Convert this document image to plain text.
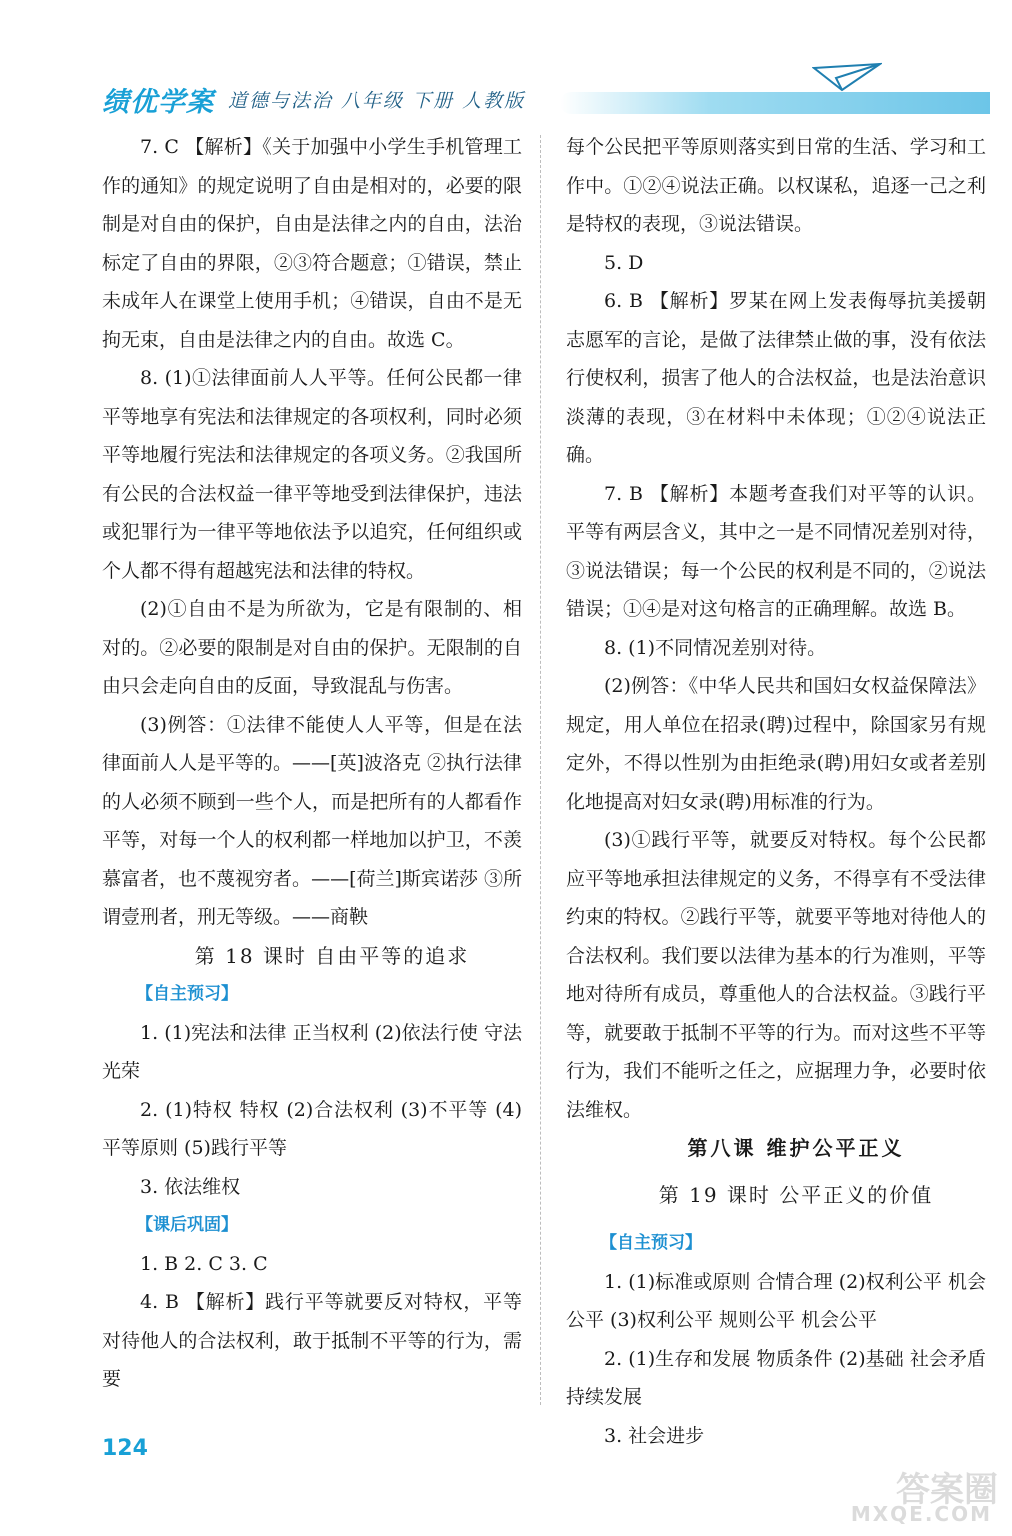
绩优学案 道德与法治 八年级 下册 人教版

7. C 【解析】《关于加强中小学生手机管理工作的通知》的规定说明了自由是相对的，必要的限制是对自由的保护，自由是法律之内的自由，法治标定了自由的界限，②③符合题意；①错误，禁止未成年人在课堂上使用手机；④错误，自由不是无拘无束，自由是法律之内的自由。故选 C。

8. (1)①法律面前人人平等。任何公民都一律平等地享有宪法和法律规定的各项权利，同时必须平等地履行宪法和法律规定的各项义务。②我国所有公民的合法权益一律平等地受到法律保护，违法或犯罪行为一律平等地依法予以追究，任何组织或个人都不得有超越宪法和法律的特权。

(2)①自由不是为所欲为，它是有限制的、相对的。②必要的限制是对自由的保护。无限制的自由只会走向自由的反面，导致混乱与伤害。

(3)例答：①法律不能使人人平等，但是在法律面前人人是平等的。——[英]波洛克 ②执行法律的人必须不顾到一些个人，而是把所有的人都看作平等，对每一个人的权利都一样地加以护卫，不羡慕富者，也不蔑视穷者。——[荷兰]斯宾诺莎 ③所谓壹刑者，刑无等级。——商鞅

第 18 课时 自由平等的追求

【自主预习】

1. (1)宪法和法律 正当权利 (2)依法行使 守法光荣

2. (1)特权 特权 (2)合法权利 (3)不平等 (4)平等原则 (5)践行平等

3. 依法维权

【课后巩固】

1. B 2. C 3. C

4. B 【解析】践行平等就要反对特权，平等对待他人的合法权利，敢于抵制不平等的行为，需要

每个公民把平等原则落实到日常的生活、学习和工作中。①②④说法正确。以权谋私，追逐一己之利是特权的表现，③说法错误。

5. D

6. B 【解析】罗某在网上发表侮辱抗美援朝志愿军的言论，是做了法律禁止做的事，没有依法行使权利，损害了他人的合法权益，也是法治意识淡薄的表现，③在材料中未体现；①②④说法正确。

7. B 【解析】本题考查我们对平等的认识。平等有两层含义，其中之一是不同情况差别对待，③说法错误；每一个公民的权利是不同的，②说法错误；①④是对这句格言的正确理解。故选 B。

8. (1)不同情况差别对待。

(2)例答：《中华人民共和国妇女权益保障法》规定，用人单位在招录(聘)过程中，除国家另有规定外，不得以性别为由拒绝录(聘)用妇女或者差别化地提高对妇女录(聘)用标准的行为。

(3)①践行平等，就要反对特权。每个公民都应平等地承担法律规定的义务，不得享有不受法律约束的特权。②践行平等，就要平等地对待他人的合法权利。我们要以法律为基本的行为准则，平等地对待所有成员，尊重他人的合法权益。③践行平等，就要敢于抵制不平等的行为。而对这些不平等行为，我们不能听之任之，应据理力争，必要时依法维权。

第八课 维护公平正义

第 19 课时 公平正义的价值

【自主预习】

1. (1)标准或原则 合情合理 (2)权利公平 机会公平 (3)权利公平 规则公平 机会公平

2. (1)生存和发展 物质条件 (2)基础 社会矛盾 持续发展

3. 社会进步

124
答案圈
MXQE.COM
